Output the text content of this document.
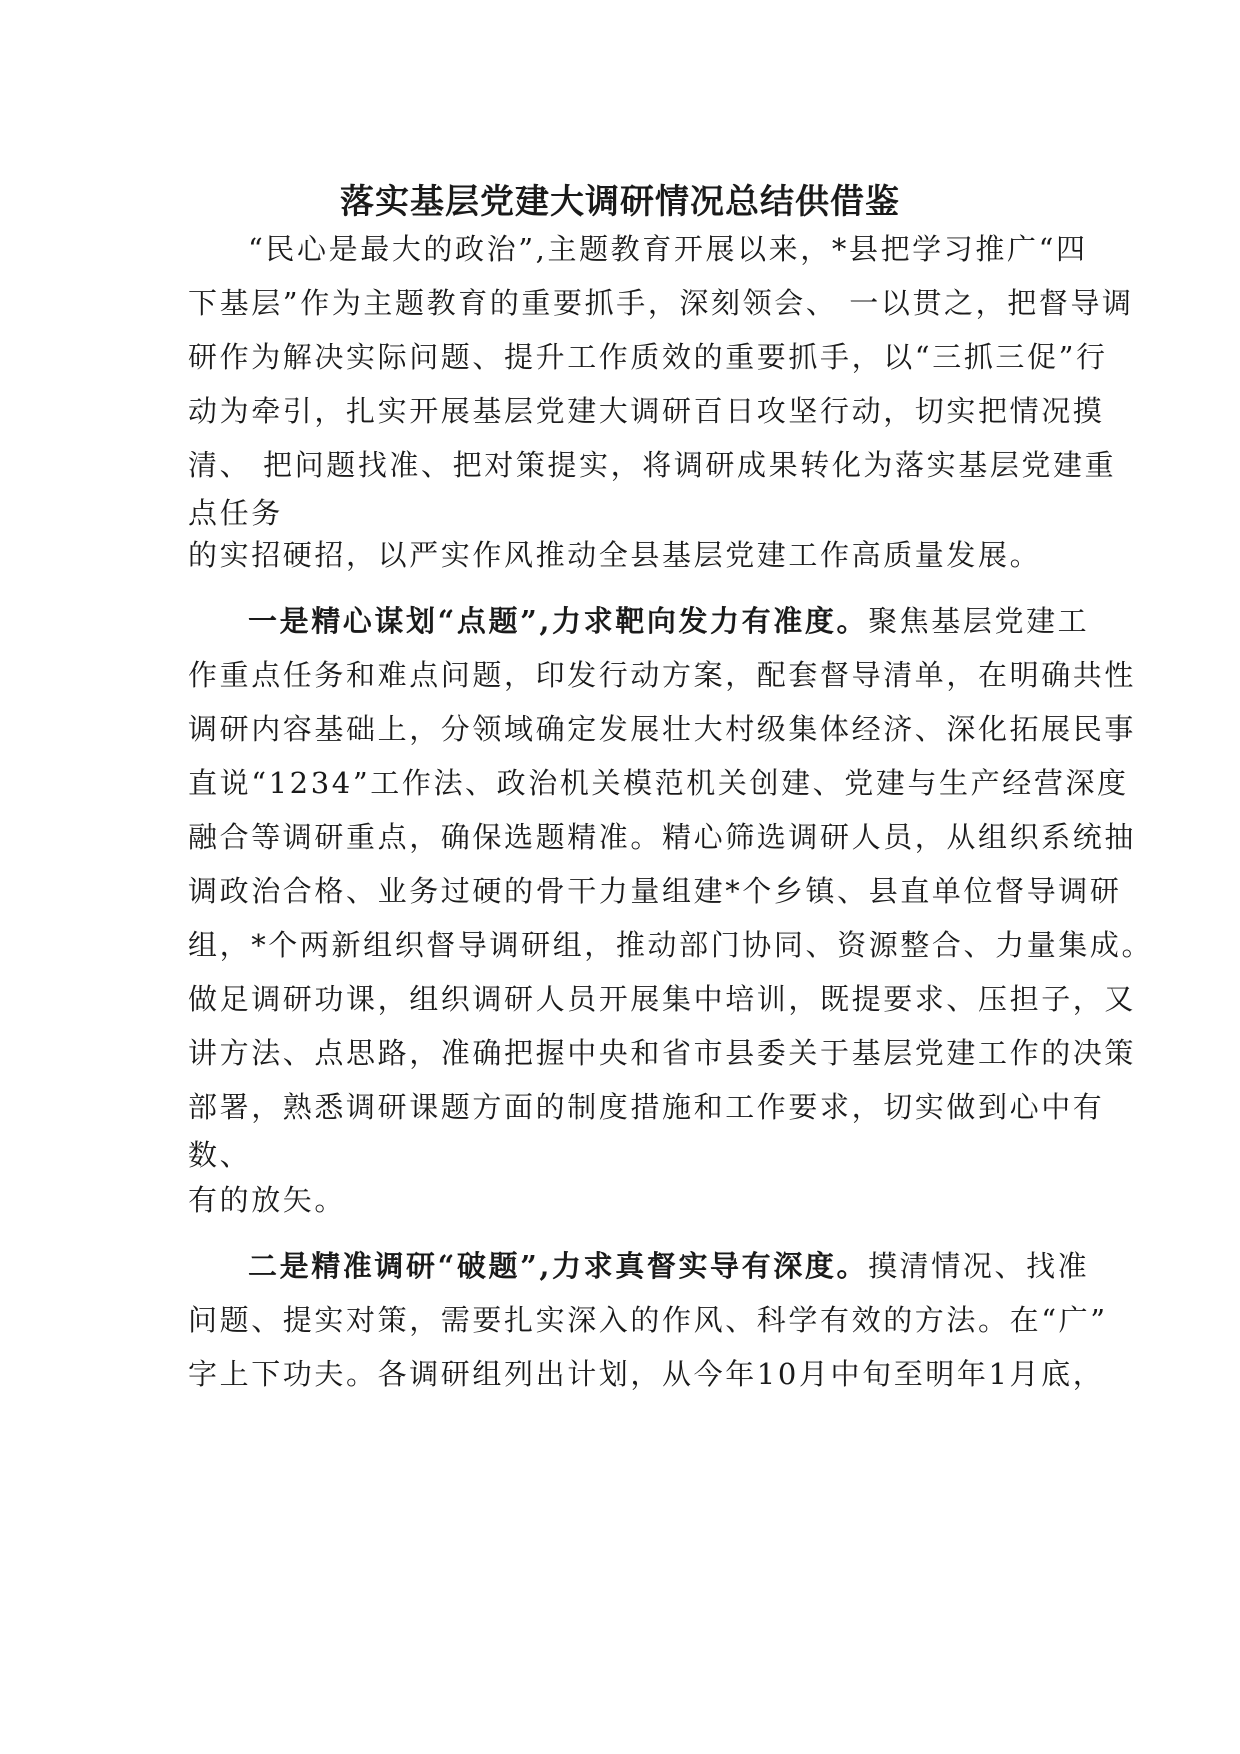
落实基层党建大调研情况总结供借鉴
“民心是最大的政治”,主题教育开展以来，*县把学习推广“四
下基层”作为主题教育的重要抓手，深刻领会、 一以贯之，把督导调
研作为解决实际问题、提升工作质效的重要抓手，以“三抓三促”行
动为牵引，扎实开展基层党建大调研百日攻坚行动，切实把情况摸
清、 把问题找准、把对策提实，将调研成果转化为落实基层党建重
点任务
的实招硬招，以严实作风推动全县基层党建工作高质量发展。
一是精心谋划“点题”,力求靶向发力有准度。聚焦基层党建工
作重点任务和难点问题，印发行动方案，配套督导清单，在明确共性
调研内容基础上，分领域确定发展壮大村级集体经济、深化拓展民事
直说“1234”工作法、政治机关模范机关创建、党建与生产经营深度
融合等调研重点，确保选题精准。精心筛选调研人员，从组织系统抽
调政治合格、业务过硬的骨干力量组建*个乡镇、县直单位督导调研
组，*个两新组织督导调研组，推动部门协同、资源整合、力量集成。
做足调研功课，组织调研人员开展集中培训，既提要求、压担子，又
讲方法、点思路，准确把握中央和省市县委关于基层党建工作的决策
部署，熟悉调研课题方面的制度措施和工作要求，切实做到心中有
数、
有的放矢。
二是精准调研“破题”,力求真督实导有深度。摸清情况、找准
问题、提实对策，需要扎实深入的作风、科学有效的方法。在“广”
字上下功夫。各调研组列出计划，从今年10月中旬至明年1月底，
